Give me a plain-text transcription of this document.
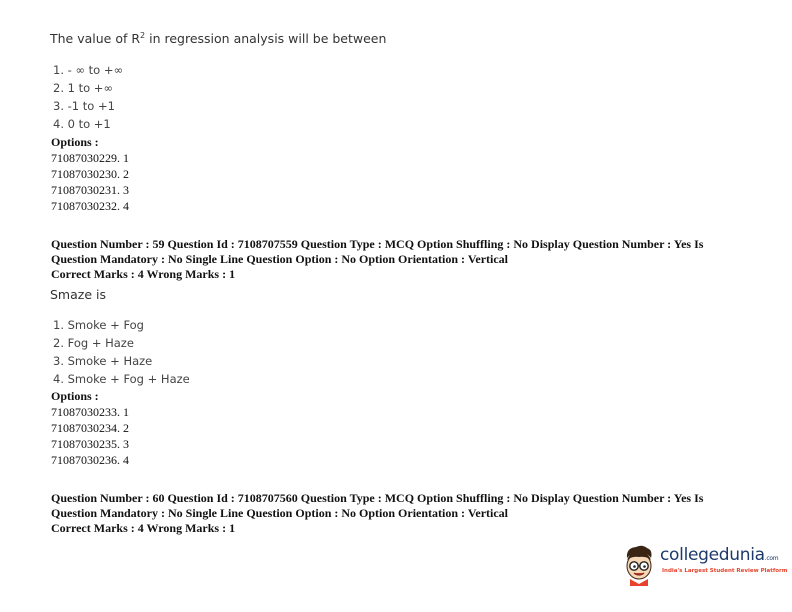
The value of $R^2$ in regression analysis will be between
1. - ∞ to +∞
2. 1 to +∞
3. -1 to +1
4. 0 to +1
Options :
71087030229. 1
71087030230. 2
71087030231. 3
71087030232. 4
Question Number : 59 Question Id : 7108707559 Question Type : MCQ Option Shuffling : No Display Question Number : Yes Is
Question Mandatory : No Single Line Question Option : No Option Orientation : Vertical
Correct Marks : 4 Wrong Marks : 1
Smaze is
1. Smoke + Fog
2. Fog + Haze
3. Smoke + Haze
4. Smoke + Fog + Haze
Options :
71087030233. 1
71087030234. 2
71087030235. 3
71087030236. 4
Question Number : 60 Question Id : 7108707560 Question Type : MCQ Option Shuffling : No Display Question Number : Yes Is
Question Mandatory : No Single Line Question Option : No Option Orientation : Vertical
Correct Marks : 4 Wrong Marks : 1
collegedunia.com
India's Largest Student Review Platform
